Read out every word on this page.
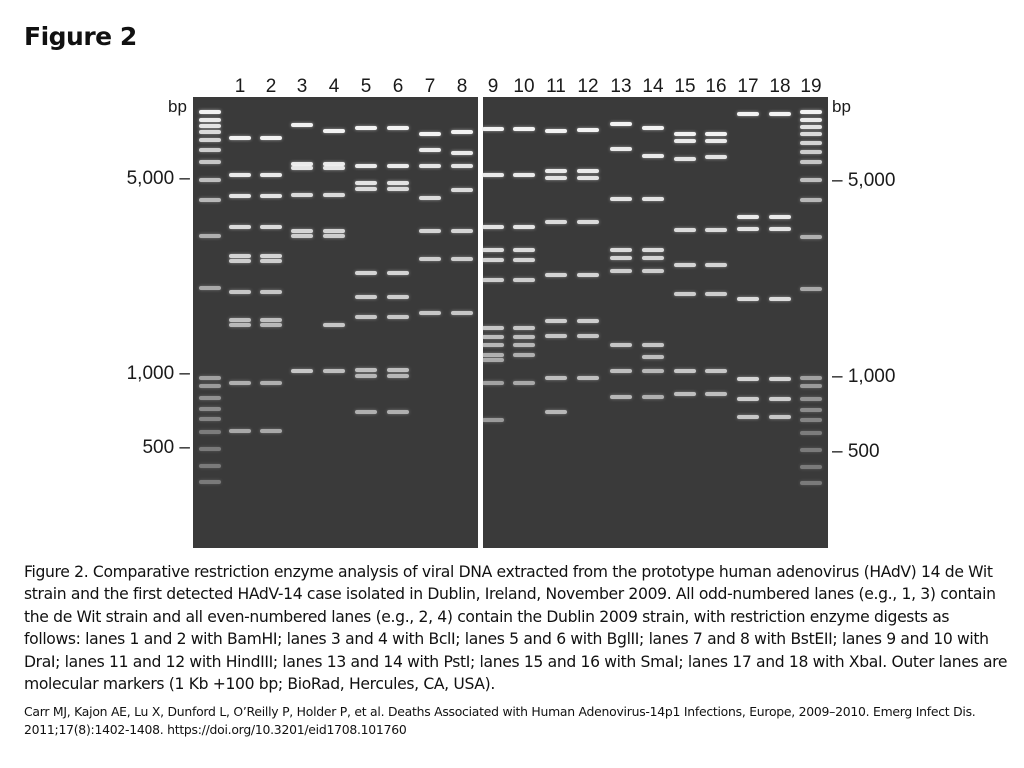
Figure 2
bp	bp
1 2 3 4 5 6 7 8 9 10 11 12 13 14 15 16 17 18 19
5,000 –
1,000 –
500 –
– 5,000
– 1,000
– 500
Figure 2. Comparative restriction enzyme analysis of viral DNA extracted from the prototype human adenovirus (HAdV) 14 de Wit strain and the first detected HAdV-14 case isolated in Dublin, Ireland, November 2009. All odd-numbered lanes (e.g., 1, 3) contain the de Wit strain and all even-numbered lanes (e.g., 2, 4) contain the Dublin 2009 strain, with restriction enzyme digests as follows: lanes 1 and 2 with BamHI; lanes 3 and 4 with BclI; lanes 5 and 6 with BglII; lanes 7 and 8 with BstEII; lanes 9 and 10 with DraI; lanes 11 and 12 with HindIII; lanes 13 and 14 with PstI; lanes 15 and 16 with SmaI; lanes 17 and 18 with XbaI. Outer lanes are molecular markers (1 Kb +100 bp; BioRad, Hercules, CA, USA).
Carr MJ, Kajon AE, Lu X, Dunford L, O’Reilly P, Holder P, et al. Deaths Associated with Human Adenovirus-14p1 Infections, Europe, 2009–2010. Emerg Infect Dis. 2011;17(8):1402-1408. https://doi.org/10.3201/eid1708.101760
